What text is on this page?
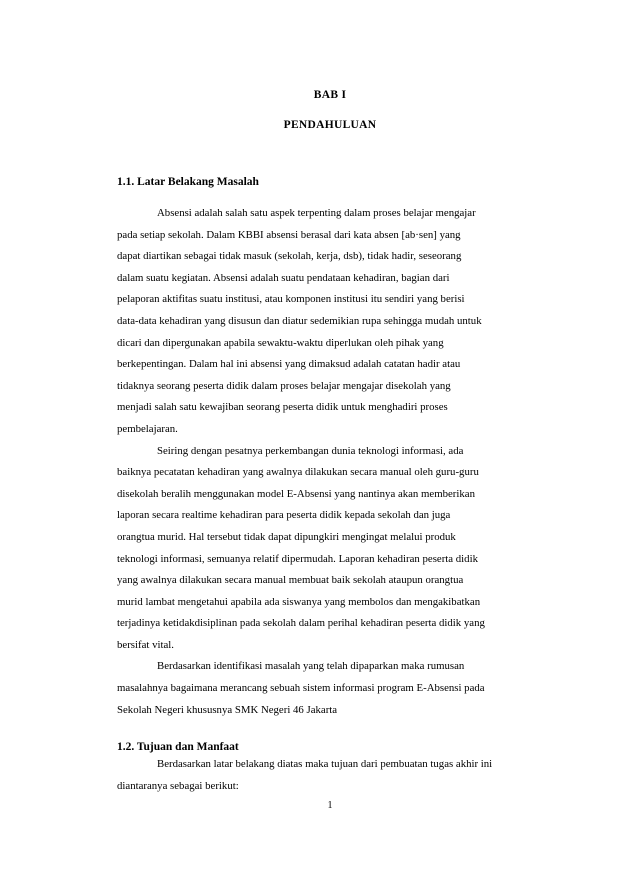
BAB I
PENDAHULUAN
1.1. Latar Belakang Masalah
Absensi adalah salah satu aspek terpenting dalam proses belajar mengajar
pada setiap sekolah. Dalam KBBI absensi berasal dari kata absen [ab·sen] yang
dapat diartikan sebagai tidak masuk (sekolah, kerja, dsb), tidak hadir, seseorang
dalam suatu kegiatan. Absensi adalah suatu pendataan kehadiran, bagian dari
pelaporan aktifitas suatu institusi, atau komponen institusi itu sendiri yang berisi
data-data kehadiran yang disusun dan diatur sedemikian rupa sehingga mudah untuk
dicari dan dipergunakan apabila sewaktu-waktu diperlukan oleh pihak yang
berkepentingan. Dalam hal ini absensi yang dimaksud adalah catatan hadir atau
tidaknya seorang peserta didik dalam proses belajar mengajar disekolah yang
menjadi salah satu kewajiban seorang peserta didik untuk menghadiri proses
pembelajaran.
Seiring dengan pesatnya perkembangan dunia teknologi informasi, ada
baiknya pecatatan kehadiran yang awalnya dilakukan secara manual oleh guru-guru
disekolah beralih menggunakan model E-Absensi yang nantinya akan memberikan
laporan secara realtime kehadiran para peserta didik kepada sekolah dan juga
orangtua murid. Hal tersebut tidak dapat dipungkiri mengingat melalui produk
teknologi informasi, semuanya relatif dipermudah. Laporan kehadiran peserta didik
yang awalnya dilakukan secara manual membuat baik sekolah ataupun orangtua
murid lambat mengetahui apabila ada siswanya yang membolos dan mengakibatkan
terjadinya ketidakdisiplinan pada sekolah dalam perihal kehadiran peserta didik yang
bersifat vital.
Berdasarkan identifikasi masalah yang telah dipaparkan maka rumusan
masalahnya bagaimana merancang sebuah sistem informasi program E-Absensi pada
Sekolah Negeri khususnya SMK Negeri 46 Jakarta
1.2. Tujuan dan Manfaat
Berdasarkan latar belakang diatas maka tujuan dari pembuatan tugas akhir ini
diantaranya sebagai berikut:
1
